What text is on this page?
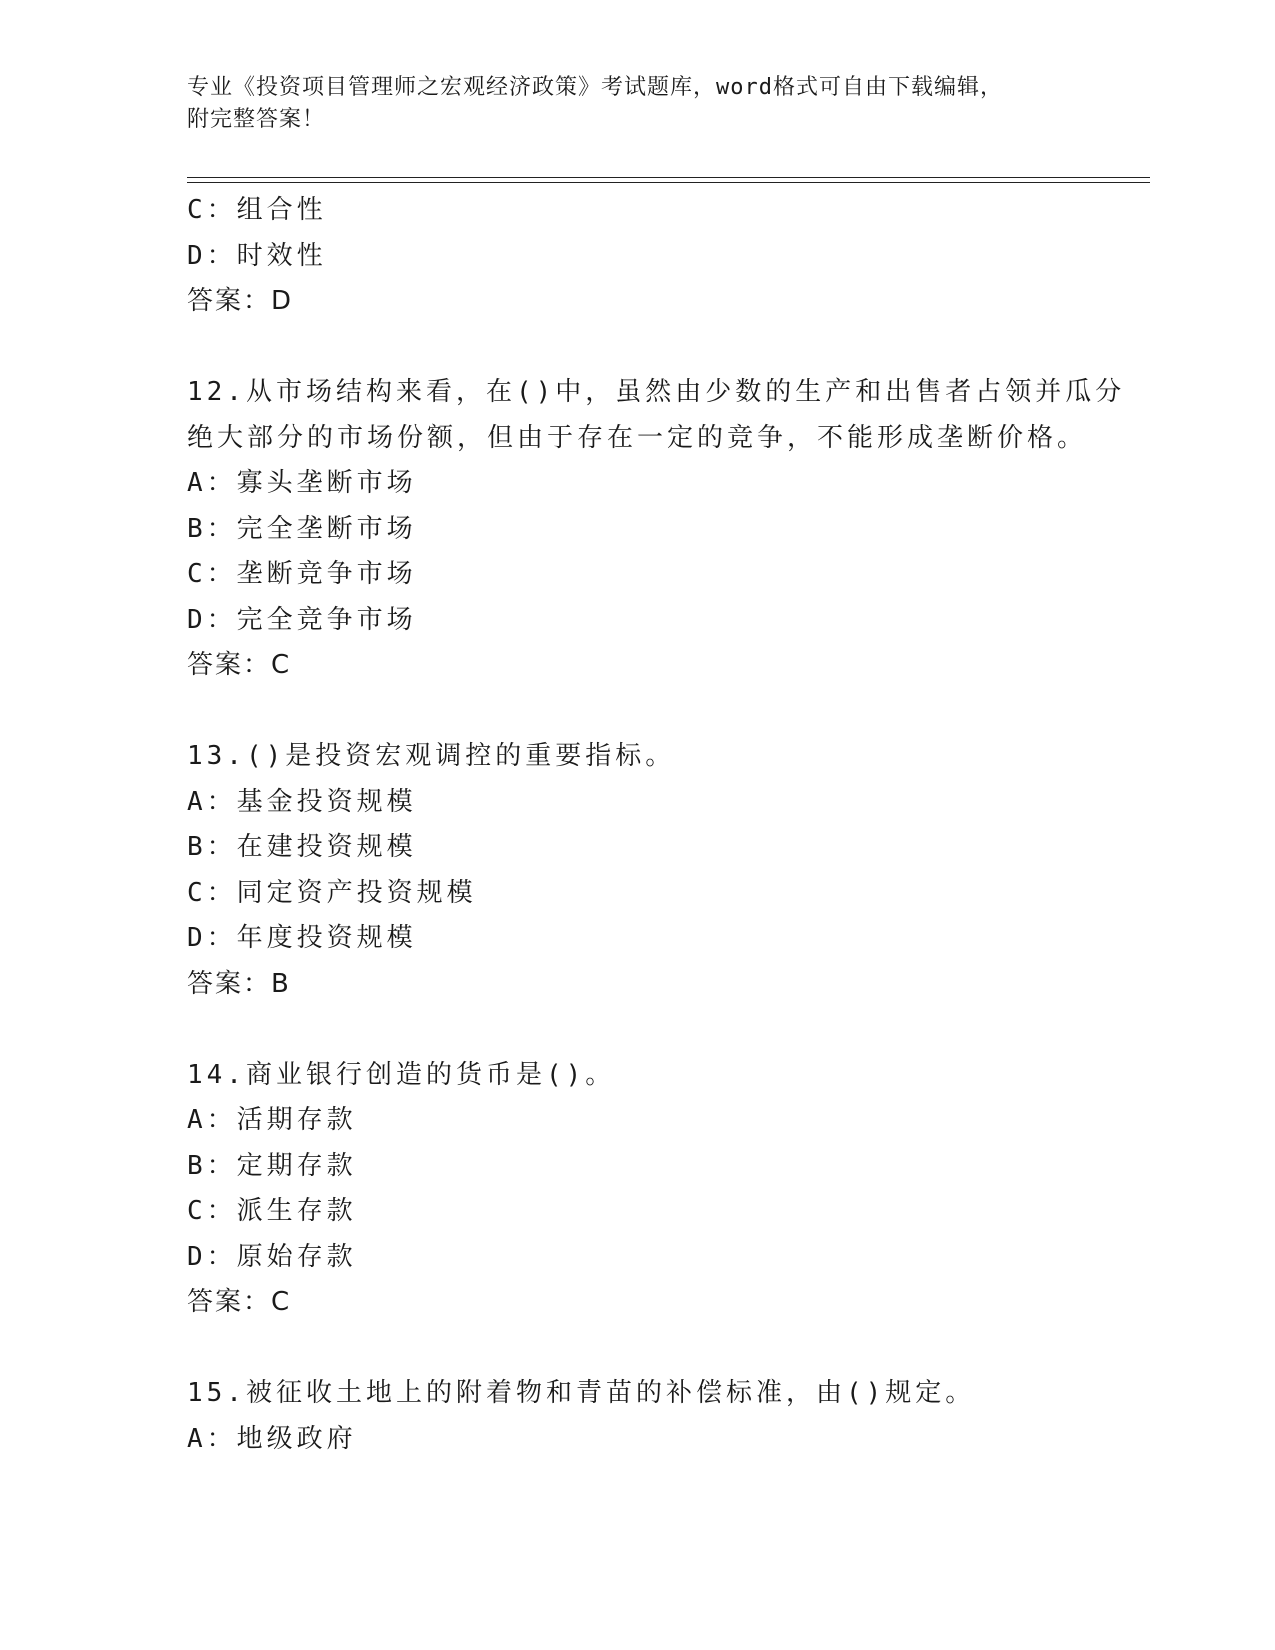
专业《投资项目管理师之宏观经济政策》考试题库，word格式可自由下载编辑，
附完整答案！
C：组合性
D：时效性
答案：D
12.从市场结构来看，在()中，虽然由少数的生产和出售者占领并瓜分
绝大部分的市场份额，但由于存在一定的竞争，不能形成垄断价格。
A：寡头垄断市场
B：完全垄断市场
C：垄断竞争市场
D：完全竞争市场
答案：C
13.()是投资宏观调控的重要指标。
A：基金投资规模
B：在建投资规模
C：同定资产投资规模
D：年度投资规模
答案：B
14.商业银行创造的货币是()。
A：活期存款
B：定期存款
C：派生存款
D：原始存款
答案：C
15.被征收土地上的附着物和青苗的补偿标准，由()规定。
A：地级政府
